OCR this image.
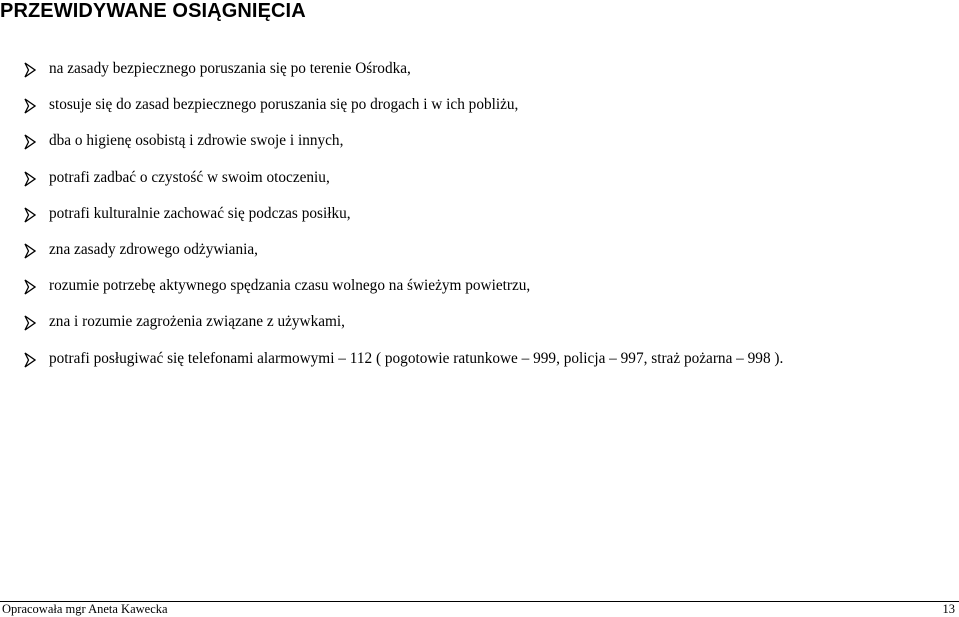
PRZEWIDYWANE OSIĄGNIĘCIA
na zasady bezpiecznego poruszania się po terenie Ośrodka,
stosuje się do zasad bezpiecznego poruszania się po drogach i w ich pobliżu,
dba o higienę osobistą i zdrowie swoje i innych,
potrafi zadbać o czystość w swoim otoczeniu,
potrafi kulturalnie zachować się podczas posiłku,
zna zasady zdrowego odżywiania,
rozumie potrzebę aktywnego spędzania czasu wolnego na świeżym powietrzu,
zna i rozumie zagrożenia związane z używkami,
potrafi posługiwać się telefonami alarmowymi – 112 ( pogotowie ratunkowe – 999, policja – 997, straż pożarna – 998 ).
Opracowała mgr Aneta Kawecka	13
